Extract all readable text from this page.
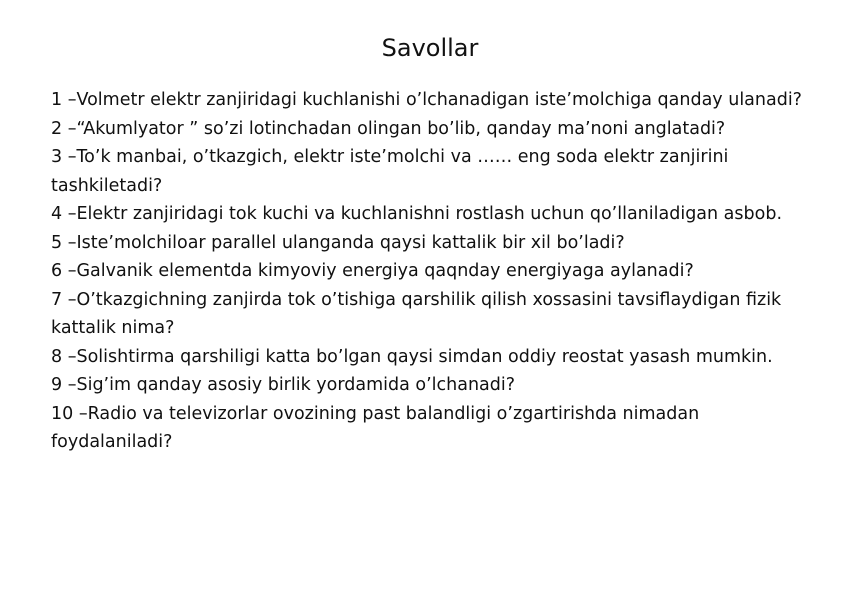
Savollar
1 –Volmetr elektr zanjiridagi kuchlanishi o’lchanadigan iste’molchiga qanday ulanadi?
2 –“Akumlyator ” so’zi lotinchadan olingan bo’lib, qanday ma’noni anglatadi?
3 –To’k manbai, o’tkazgich, elektr iste’molchi va …… eng soda elektr zanjirini tashkiletadi?
4 –Elektr zanjiridagi tok kuchi va kuchlanishni rostlash uchun qo’llaniladigan asbob.
5 –Iste’molchiloar parallel ulanganda qaysi kattalik bir xil bo’ladi?
6 –Galvanik elementda kimyoviy energiya qaqnday energiyaga aylanadi?
7 –O’tkazgichning zanjirda tok o’tishiga qarshilik qilish xossasini tavsiflaydigan fizik kattalik nima?
8 –Solishtirma qarshiligi katta bo’lgan qaysi simdan oddiy reostat yasash mumkin.
9 –Sig’im qanday asosiy birlik yordamida o’lchanadi?
10 –Radio va televizorlar ovozining past balandligi o’zgartirishda nimadan foydalaniladi?
